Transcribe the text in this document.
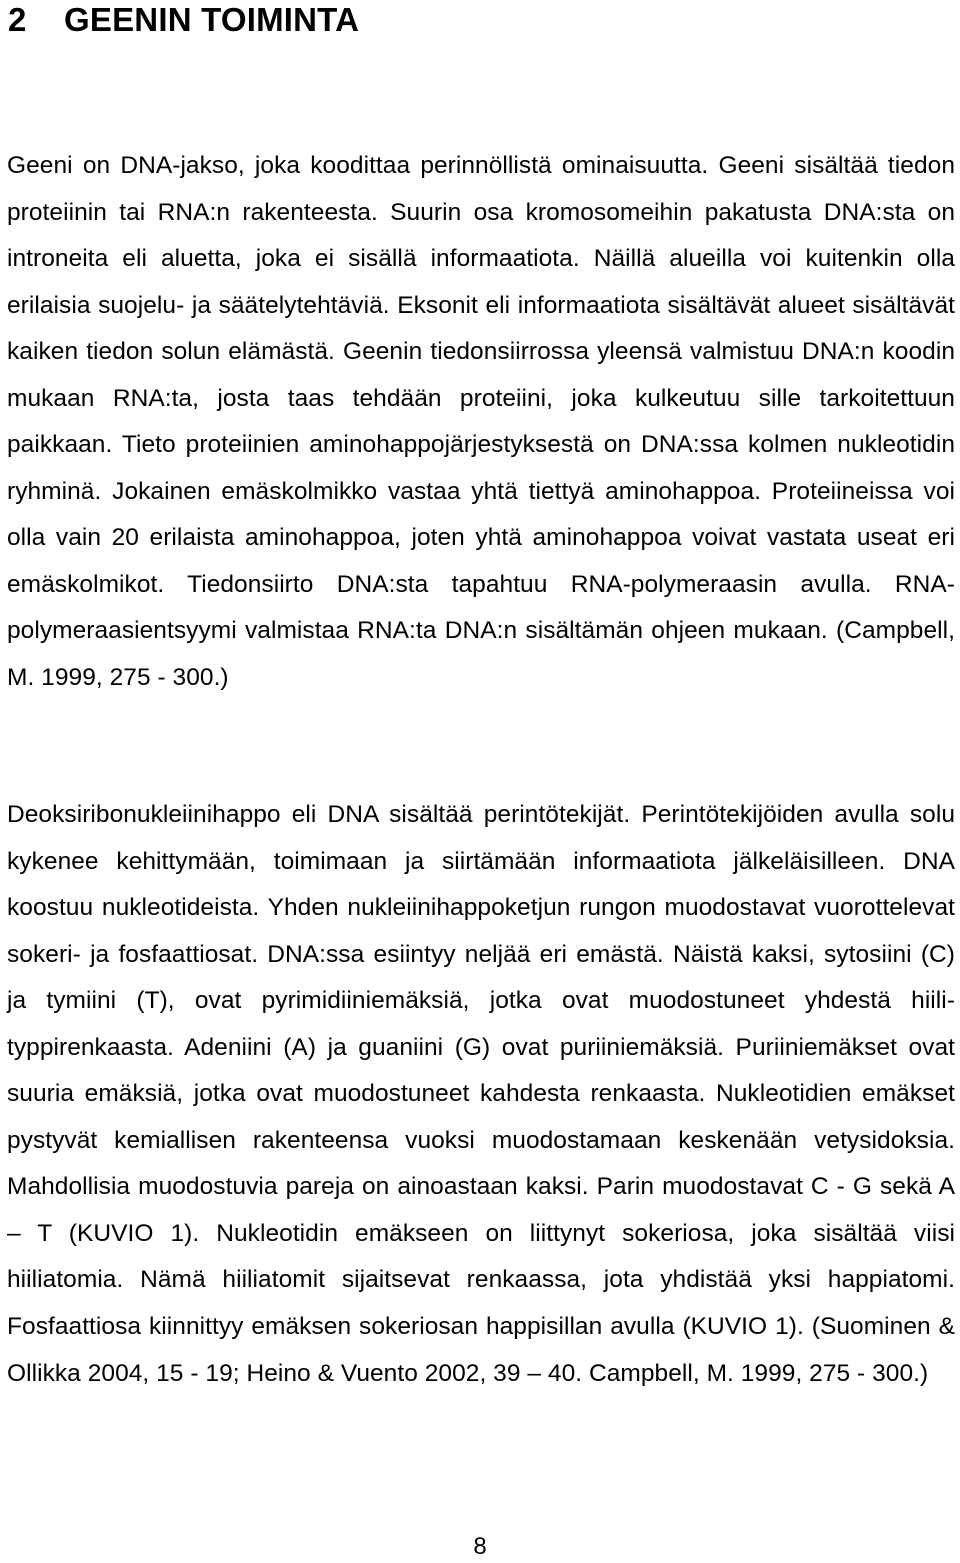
2 GEENIN TOIMINTA

Geeni on DNA-jakso, joka koodittaa perinnöllistä ominaisuutta. Geeni sisältää tiedon proteiinin tai RNA:n rakenteesta. Suurin osa kromosomeihin pakatusta DNA:sta on introneita eli aluetta, joka ei sisällä informaatiota. Näillä alueilla voi kuitenkin olla erilaisia suojelu- ja säätelytehtäviä. Eksonit eli informaatiota sisältävät alueet sisältävät kaiken tiedon solun elämästä. Geenin tiedonsiirrossa yleensä valmistuu DNA:n koodin mukaan RNA:ta, josta taas tehdään proteiini, joka kulkeutuu sille tarkoitettuun paikkaan. Tieto proteiinien aminohappojärjestyksestä on DNA:ssa kolmen nukleotidin ryhminä. Jokainen emäskolmikko vastaa yhtä tiettyä aminohappoa. Proteiineissa voi olla vain 20 erilaista aminohappoa, joten yhtä aminohappoa voivat vastata useat eri emäskolmikot. Tiedonsiirto DNA:sta tapahtuu RNA-polymeraasin avulla. RNA-polymeraasientsyymi valmistaa RNA:ta DNA:n sisältämän ohjeen mukaan. (Campbell, M. 1999, 275 - 300.)

Deoksiribonukleiinihappo eli DNA sisältää perintötekijät. Perintötekijöiden avulla solu kykenee kehittymään, toimimaan ja siirtämään informaatiota jälkeläisilleen. DNA koostuu nukleotideista. Yhden nukleiinihappoketjun rungon muodostavat vuorottelevat sokeri- ja fosfaattiosat. DNA:ssa esiintyy neljää eri emästä. Näistä kaksi, sytosiini (C) ja tymiini (T), ovat pyrimidiiniemäksiä, jotka ovat muodostuneet yhdestä hiili-typpirenkaasta. Adeniini (A) ja guaniini (G) ovat puriiniemäksiä. Puriiniemäkset ovat suuria emäksiä, jotka ovat muodostuneet kahdesta renkaasta. Nukleotidien emäkset pystyvät kemiallisen rakenteensa vuoksi muodostamaan keskenään vetysidoksia. Mahdollisia muodostuvia pareja on ainoastaan kaksi. Parin muodostavat C - G sekä A – T (KUVIO 1). Nukleotidin emäkseen on liittynyt sokeriosa, joka sisältää viisi hiiliatomia. Nämä hiiliatomit sijaitsevat renkaassa, jota yhdistää yksi happiatomi. Fosfaattiosa kiinnittyy emäksen sokeriosan happisillan avulla (KUVIO 1). (Suominen & Ollikka 2004, 15 - 19; Heino & Vuento 2002, 39 – 40. Campbell, M. 1999, 275 - 300.)

8
